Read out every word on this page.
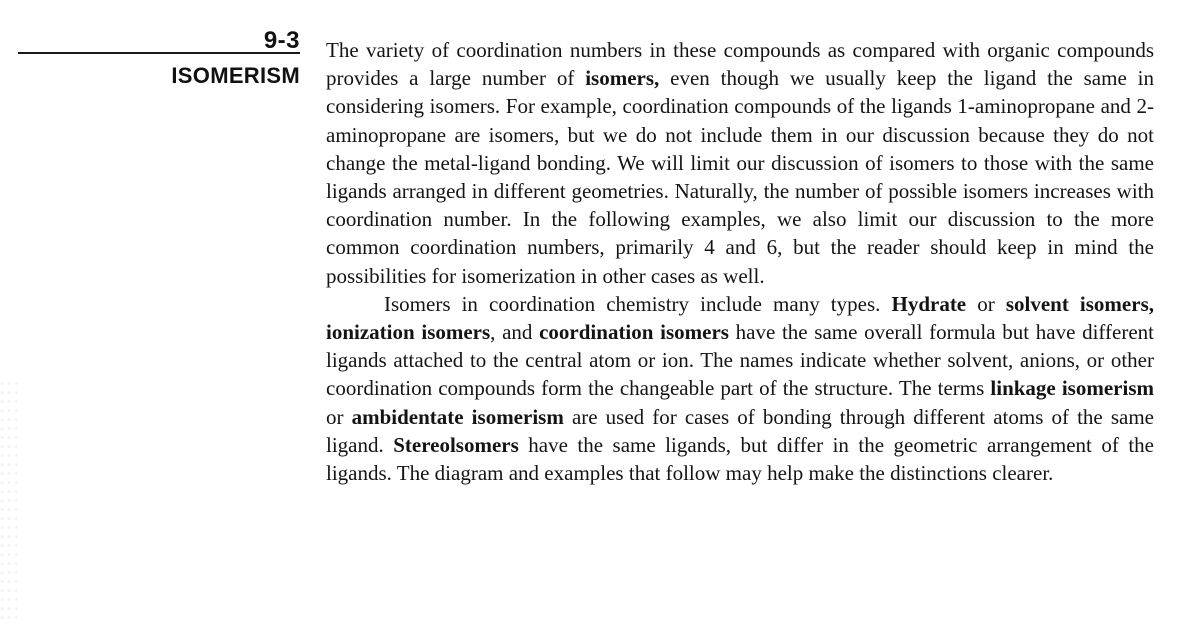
9-3
ISOMERISM

The variety of coordination numbers in these compounds as compared with organic compounds provides a large number of isomers, even though we usually keep the ligand the same in considering isomers. For example, coordination compounds of the ligands 1-aminopropane and 2-aminopropane are isomers, but we do not include them in our discussion because they do not change the metal-ligand bonding. We will limit our discussion of isomers to those with the same ligands arranged in different geometries. Naturally, the number of possible isomers increases with coordination number. In the following examples, we also limit our discussion to the more common coordination numbers, primarily 4 and 6, but the reader should keep in mind the possibilities for isomerization in other cases as well.

Isomers in coordination chemistry include many types. Hydrate or solvent isomers, ionization isomers, and coordination isomers have the same overall formula but have different ligands attached to the central atom or ion. The names indicate whether solvent, anions, or other coordination compounds form the changeable part of the structure. The terms linkage isomerism or ambidentate isomerism are used for cases of bonding through different atoms of the same ligand. Stereolsomers have the same ligands, but differ in the geometric arrangement of the ligands. The diagram and examples that follow may help make the distinctions clearer.
